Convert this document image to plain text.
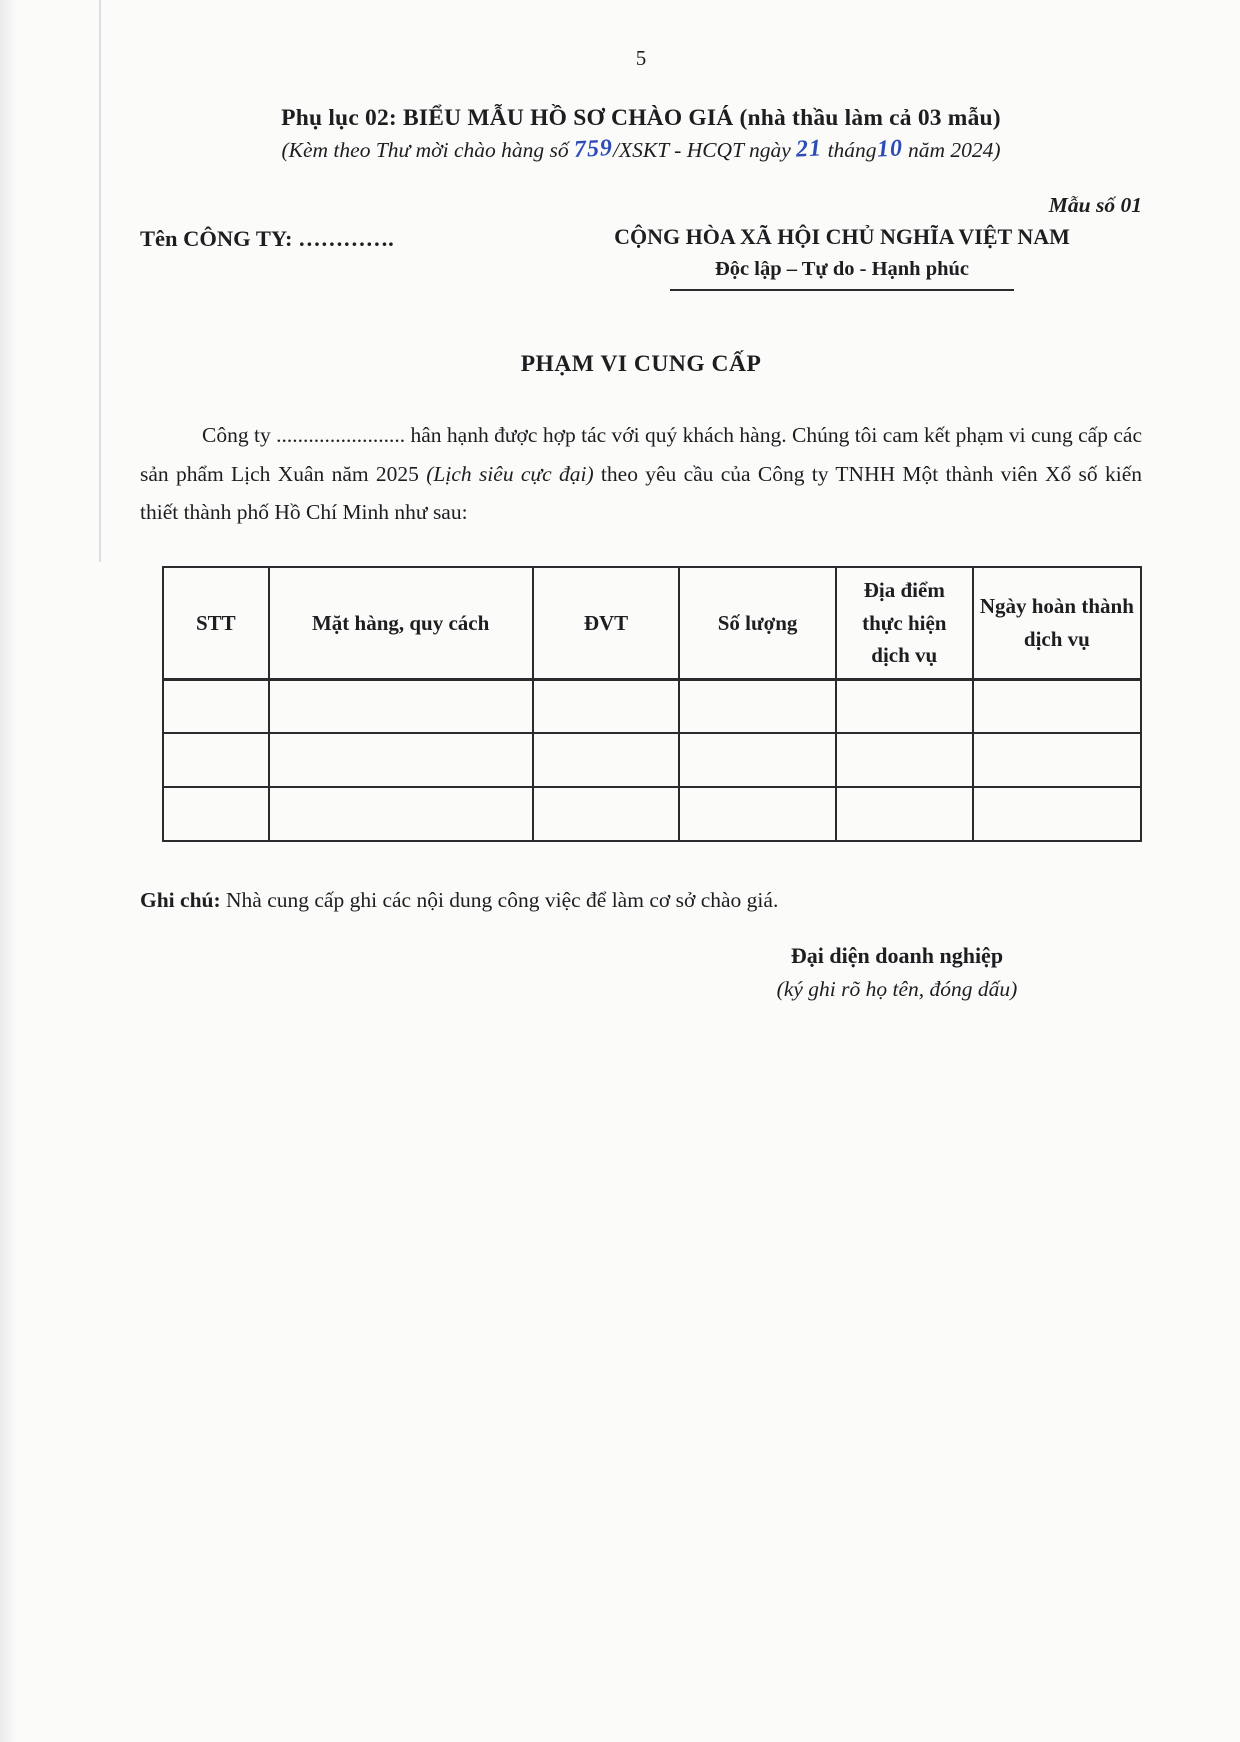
5
Phụ lục 02: BIỂU MẪU HỒ SƠ CHÀO GIÁ (nhà thầu làm cả 03 mẫu)
(Kèm theo Thư mời chào hàng số 759/XSKT - HCQT ngày 21 tháng10 năm 2024)
Mẫu số 01
Tên CÔNG TY: ………….	CỘNG HÒA XÃ HỘI CHỦ NGHĨA VIỆT NAM
Độc lập – Tự do - Hạnh phúc
PHẠM VI CUNG CẤP
Công ty ........................ hân hạnh được hợp tác với quý khách hàng. Chúng tôi cam kết phạm vi cung cấp các sản phẩm Lịch Xuân năm 2025 (Lịch siêu cực đại) theo yêu cầu của Công ty TNHH Một thành viên Xổ số kiến thiết thành phố Hồ Chí Minh như sau:
STT	Mặt hàng, quy cách	ĐVT	Số lượng	Địa điểm thực hiện dịch vụ	Ngày hoàn thành dịch vụ

Ghi chú: Nhà cung cấp ghi các nội dung công việc để làm cơ sở chào giá.
Đại diện doanh nghiệp
(ký ghi rõ họ tên, đóng dấu)
